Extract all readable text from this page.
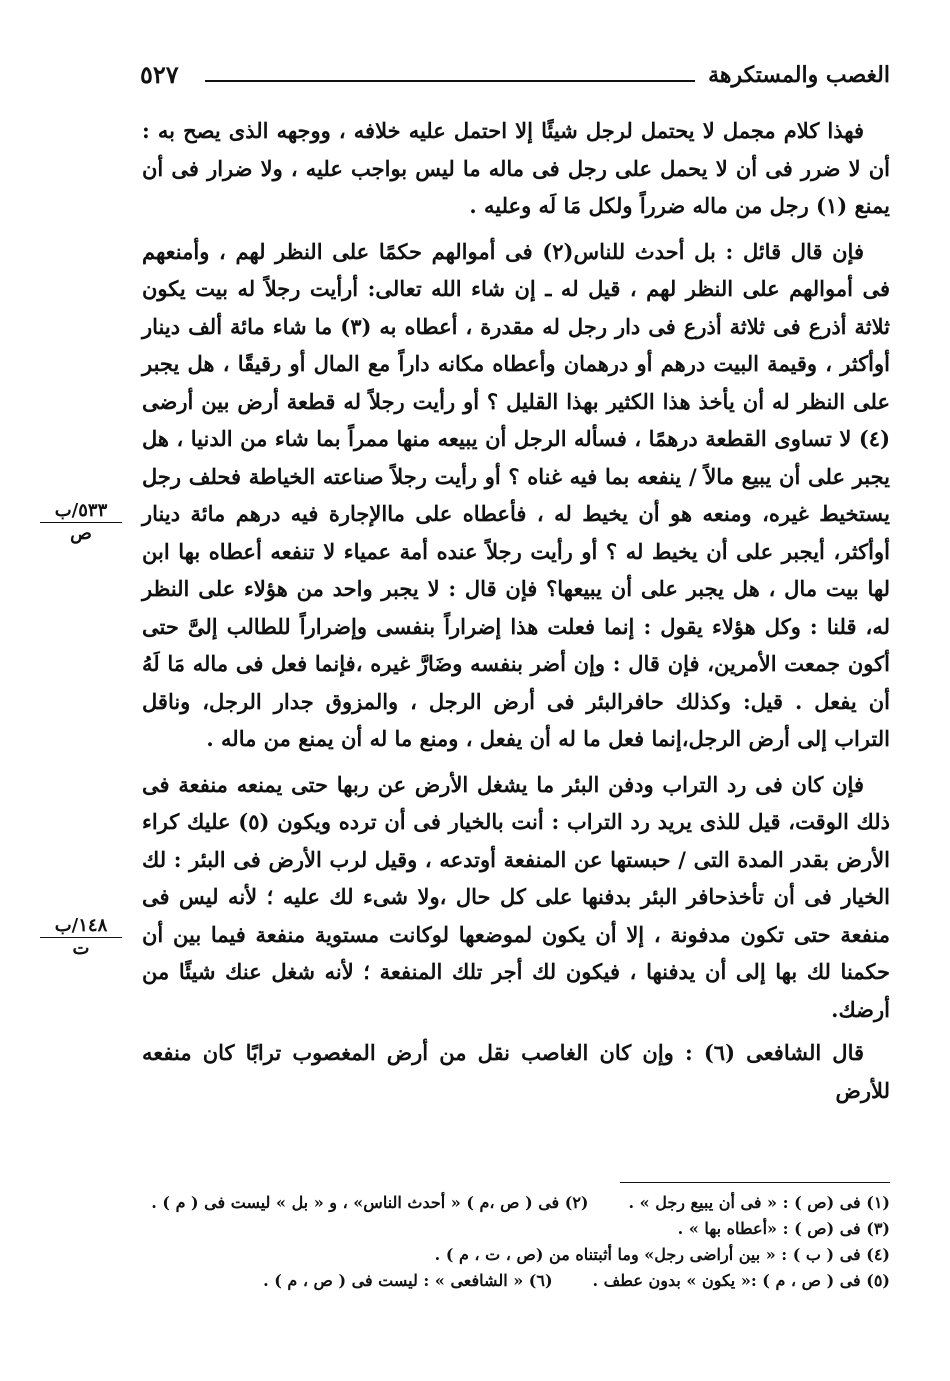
الغصب والمستكرهة
٥٢٧

فهذا كلام مجمل لا يحتمل لرجل شيئًا إلا احتمل عليه خلافه ، ووجهه الذى يصح به : أن لا ضرر فى أن لا يحمل على رجل فى ماله ما ليس بواجب عليه ، ولا ضرار فى أن يمنع (١) رجل من ماله ضرراً ولكل مَا لَه وعليه .

فإن قال قائل : بل أحدث للناس(٢) فى أموالهم حكمًا على النظر لهم ، وأمنعهم فى أموالهم على النظر لهم ، قيل له ـ إن شاء الله تعالى: أرأيت رجلاً له بيت يكون ثلاثة أذرع فى ثلاثة أذرع فى دار رجل له مقدرة ، أعطاه به (٣) ما شاء مائة ألف دينار أوأكثر ، وقيمة البيت درهم أو درهمان وأعطاه مكانه داراً مع المال أو رقيقًا ، هل يجبر على النظر له أن يأخذ هذا الكثير بهذا القليل ؟ أو رأيت رجلاً له قطعة أرض بين أرضى (٤) لا تساوى القطعة درهمًا ، فسأله الرجل أن يبيعه منها ممراً بما شاء من الدنيا ، هل يجبر على أن يبيع مالاً / ينفعه بما فيه غناه ؟ أو رأيت رجلاً صناعته الخياطة فحلف رجل يستخيط غيره، ومنعه هو أن يخيط له ، فأعطاه على ماالإجارة فيه درهم مائة دينار أوأكثر، أيجبر على أن يخيط له ؟ أو رأيت رجلاً عنده أمة عمياء لا تنفعه أعطاه بها ابن لها بيت مال ، هل يجبر على أن يبيعها؟ فإن قال : لا يجبر واحد من هؤلاء على النظر له، قلنا : وكل هؤلاء يقول : إنما فعلت هذا إضراراً بنفسى وإضراراً للطالب إلىَّ حتى أكون جمعت الأمرين، فإن قال : وإن أضر بنفسه وضَارَّ غيره ،فإنما فعل فى ماله مَا لَهُ أن يفعل . قيل: وكذلك حافرالبئر فى أرض الرجل ، والمزوق جدار الرجل، وناقل التراب إلى أرض الرجل،إنما فعل ما له أن يفعل ، ومنع ما له أن يمنع من ماله .

فإن كان فى رد التراب ودفن البئر ما يشغل الأرض عن ربها حتى يمنعه منفعة فى ذلك الوقت، قيل للذى يريد رد التراب : أنت بالخيار فى أن ترده ويكون (٥) عليك كراء الأرض بقدر المدة التى / حبستها عن المنفعة أوتدعه ، وقيل لرب الأرض فى البئر : لك الخيار فى أن تأخذحافر البئر بدفنها على كل حال ،ولا شىء لك عليه ؛ لأنه ليس فى منفعة حتى تكون مدفونة ، إلا أن يكون لموضعها لوكانت مستوية منفعة فيما بين أن حكمنا لك بها إلى أن يدفنها ، فيكون لك أجر تلك المنفعة ؛ لأنه شغل عنك شيئًا من أرضك.

قال الشافعى (٦) : وإن كان الغاصب نقل من أرض المغصوب ترابًا كان منفعه للأرض

٥٣٣/ب
ص
١٤٨/ب
ت
(١) فى (ص ) : « فى أن يبيع رجل » .(٢) فى ( ص ،م ) « أحدث الناس» ، و « بل » ليست فى ( م ) .
(٣) فى (ص ) : «أعطاه بها » .
(٤) فى ( ب ) : « بين أراضى رجل» وما أثبتناه من (ص ، ت ، م ) .
(٥) فى ( ص ، م ) :« يكون » بدون عطف .(٦) « الشافعى » : ليست فى ( ص ، م ) .
